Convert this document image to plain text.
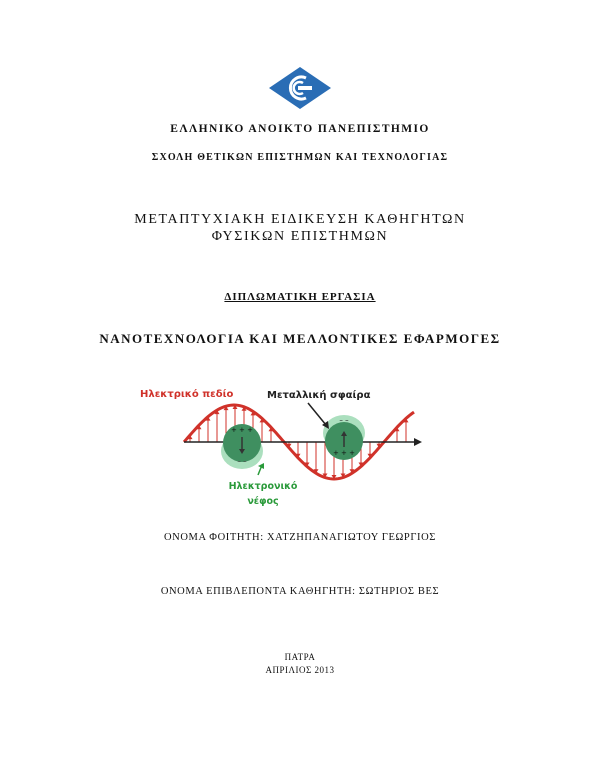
ΕΛΛΗΝΙΚΟ ΑΝΟΙΚΤΟ ΠΑΝΕΠΙΣΤΗΜΙΟ
ΣΧΟΛΗ ΘΕΤΙΚΩΝ ΕΠΙΣΤΗΜΩΝ ΚΑΙ ΤΕΧΝΟΛΟΓΙΑΣ
ΜΕΤΑΠΤΥΧΙΑΚΗ ΕΙΔΙΚΕΥΣΗ ΚΑΘΗΓΗΤΩΝ ΦΥΣΙΚΩΝ ΕΠΙΣΤΗΜΩΝ
ΔΙΠΛΩΜΑΤΙΚΗ ΕΡΓΑΣΙΑ
ΝΑΝΟΤΕΧΝΟΛΟΓΙΑ ΚΑΙ ΜΕΛΛΟΝΤΙΚΕΣ ΕΦΑΡΜΟΓΕΣ
+ + +
– –
– –
+ + +
Ηλεκτρικό πεδίο	Μεταλλική σφαίρα
Ηλεκτρονικό
νέφος
ΟΝΟΜΑ ΦΟΙΤΗΤΗ: ΧΑΤΖΗΠΑΝΑΓΙΩΤΟΥ ΓΕΩΡΓΙΟΣ
ΟΝΟΜΑ ΕΠΙΒΛΕΠΟΝΤΑ ΚΑΘΗΓΗΤΗ: ΣΩΤΗΡΙΟΣ ΒΕΣ
ΠΑΤΡΑ
ΑΠΡΙΛΙΟΣ 2013
